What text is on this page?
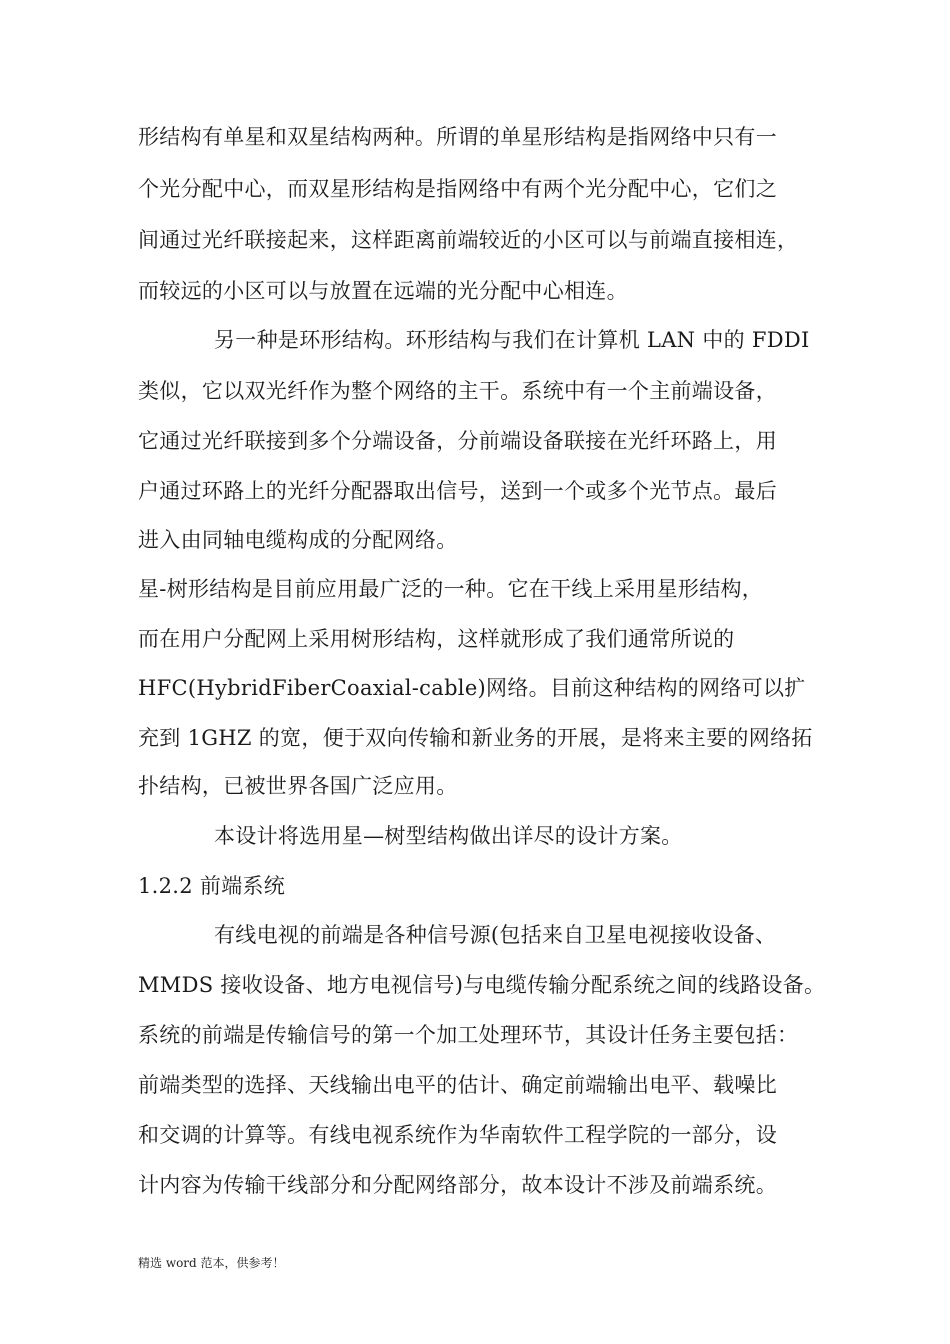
形结构有单星和双星结构两种。所谓的单星形结构是指网络中只有一
个光分配中心，而双星形结构是指网络中有两个光分配中心，它们之
间通过光纤联接起来，这样距离前端较近的小区可以与前端直接相连，
而较远的小区可以与放置在远端的光分配中心相连。
另一种是环形结构。环形结构与我们在计算机 LAN 中的 FDDI
类似，它以双光纤作为整个网络的主干。系统中有一个主前端设备，
它通过光纤联接到多个分端设备，分前端设备联接在光纤环路上，用
户通过环路上的光纤分配器取出信号，送到一个或多个光节点。最后
进入由同轴电缆构成的分配网络。
星-树形结构是目前应用最广泛的一种。它在干线上采用星形结构，
而在用户分配网上采用树形结构，这样就形成了我们通常所说的
HFC(HybridFiberCoaxial-cable)网络。目前这种结构的网络可以扩
充到 1GHZ 的宽，便于双向传输和新业务的开展，是将来主要的网络拓
扑结构，已被世界各国广泛应用。
本设计将选用星—树型结构做出详尽的设计方案。
1.2.2 前端系统
有线电视的前端是各种信号源(包括来自卫星电视接收设备、
MMDS 接收设备、地方电视信号)与电缆传输分配系统之间的线路设备。
系统的前端是传输信号的第一个加工处理环节，其设计任务主要包括：
前端类型的选择、天线输出电平的估计、确定前端输出电平、载噪比
和交调的计算等。有线电视系统作为华南软件工程学院的一部分，设
计内容为传输干线部分和分配网络部分，故本设计不涉及前端系统。
精选 word 范本，供参考！
